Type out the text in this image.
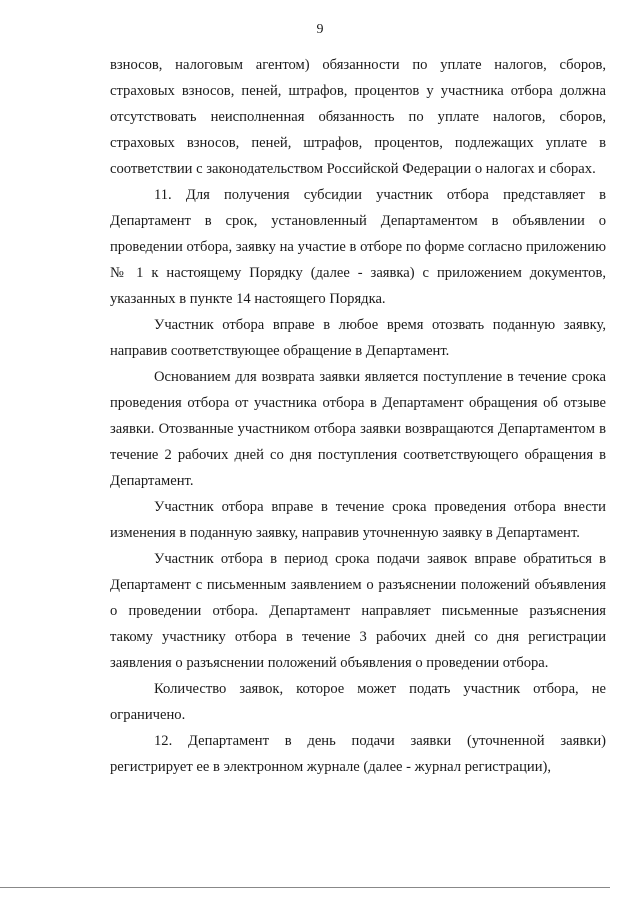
9

взносов, налоговым агентом) обязанности по уплате налогов, сборов, страховых взносов, пеней, штрафов, процентов у участника отбора должна отсутствовать неисполненная обязанность по уплате налогов, сборов, страховых взносов, пеней, штрафов, процентов, подлежащих уплате в соответствии с законодательством Российской Федерации о налогах и сборах.

11. Для получения субсидии участник отбора представляет в Департамент в срок, установленный Департаментом в объявлении о проведении отбора, заявку на участие в отборе по форме согласно приложению № 1 к настоящему Порядку (далее - заявка) с приложением документов, указанных в пункте 14 настоящего Порядка.

Участник отбора вправе в любое время отозвать поданную заявку, направив соответствующее обращение в Департамент.

Основанием для возврата заявки является поступление в течение срока проведения отбора от участника отбора в Департамент обращения об отзыве заявки. Отозванные участником отбора заявки возвращаются Департаментом в течение 2 рабочих дней со дня поступления соответствующего обращения в Департамент.

Участник отбора вправе в течение срока проведения отбора внести изменения в поданную заявку, направив уточненную заявку в Департамент.

Участник отбора в период срока подачи заявок вправе обратиться в Департамент с письменным заявлением о разъяснении положений объявления о проведении отбора. Департамент направляет письменные разъяснения такому участнику отбора в течение 3 рабочих дней со дня регистрации заявления о разъяснении положений объявления о проведении отбора.

Количество заявок, которое может подать участник отбора, не ограничено.

12. Департамент в день подачи заявки (уточненной заявки) регистрирует ее в электронном журнале (далее - журнал регистрации),
